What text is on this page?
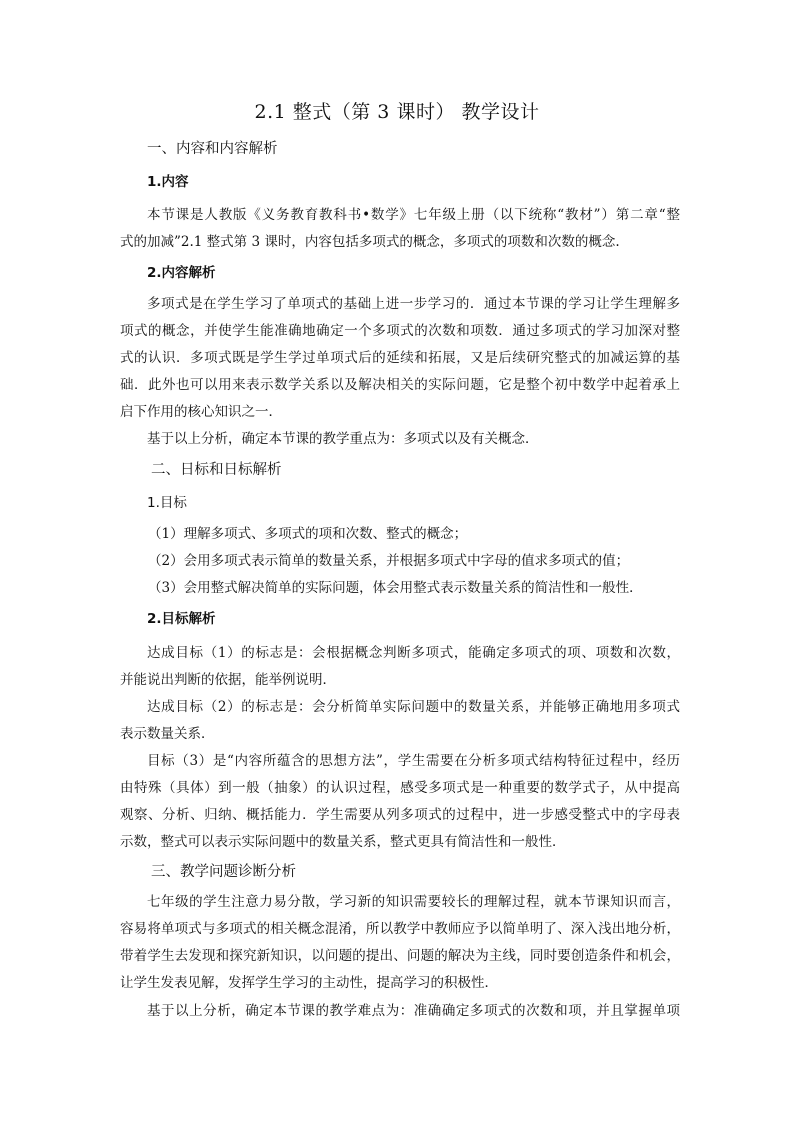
2.1 整式（第 3 课时） 教学设计
一、内容和内容解析
1.内容
本节课是人教版《义务教育教科书•数学》七年级上册（以下统称“教材”）第二章“整
式的加减”2.1 整式第 3 课时，内容包括多项式的概念，多项式的项数和次数的概念.
2.内容解析
多项式是在学生学习了单项式的基础上进一步学习的．通过本节课的学习让学生理解多
项式的概念，并使学生能准确地确定一个多项式的次数和项数．通过多项式的学习加深对整
式的认识．多项式既是学生学过单项式后的延续和拓展，又是后续研究整式的加减运算的基
础．此外也可以用来表示数学关系以及解决相关的实际问题，它是整个初中数学中起着承上
启下作用的核心知识之一．
基于以上分析，确定本节课的教学重点为：多项式以及有关概念．
二、日标和日标解析
1.目标
（1）理解多项式、多项式的项和次数、整式的概念；
（2）会用多项式表示简单的数量关系，并根据多项式中字母的值求多项式的值；
（3）会用整式解决简单的实际问题，体会用整式表示数量关系的简洁性和一般性．
2.目标解析
达成目标（1）的标志是：会根据概念判断多项式，能确定多项式的项、项数和次数，
并能说出判断的依据，能举例说明．
达成目标（2）的标志是：会分析简单实际问题中的数量关系，并能够正确地用多项式
表示数量关系．
目标（3）是“内容所蕴含的思想方法”，学生需要在分析多项式结构特征过程中，经历
由特殊（具体）到一般（抽象）的认识过程，感受多项式是一种重要的数学式子，从中提高
观察、分析、归纳、概括能力．学生需要从列多项式的过程中，进一步感受整式中的字母表
示数，整式可以表示实际问题中的数量关系，整式更具有简洁性和一般性．
三、教学问题诊断分析
七年级的学生注意力易分散，学习新的知识需要较长的理解过程，就本节课知识而言，
容易将单项式与多项式的相关概念混淆，所以教学中教师应予以简单明了、深入浅出地分析，
带着学生去发现和探究新知识，以问题的提出、问题的解决为主线，同时要创造条件和机会，
让学生发表见解，发挥学生学习的主动性，提高学习的积极性．
基于以上分析，确定本节课的教学难点为：准确确定多项式的次数和项，并且掌握单项
